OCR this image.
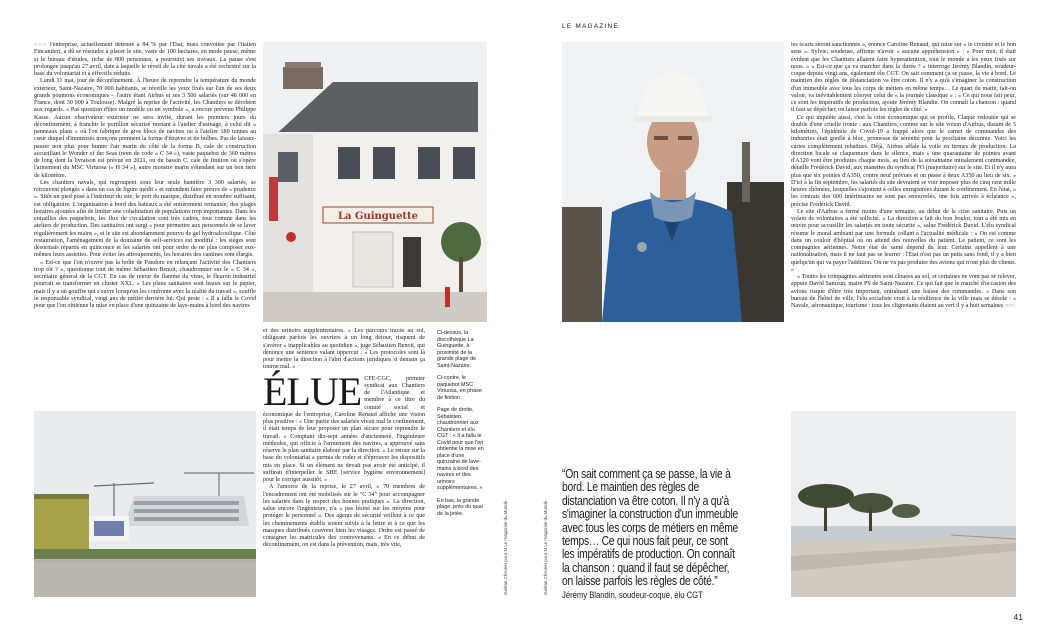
○○○ l'entreprise, actuellement détenue à 84 % par l'État, mais convoitée par l'italien Fincantieri, a dû se résoudre à placer le site, vaste de 100 hectares, en mode pause, même si le bureau d'études, riche de 800 personnes, a poursuivi ses travaux. La pause s'est prolongée jusqu'au 27 avril, date à laquelle le réveil de la cité navale a été orchestré sur la base du volontariat et à effectifs réduits.

Lundi 11 mai, jour de déconfinement. À l'heure de reprendre la température du monde extérieur, Saint-Nazaire, 70 000 habitants, se réveille les yeux fixés sur l'un de ses deux grands poumons économiques – l'autre étant Airbus et ses 3 500 salariés (sur 48 000 en France, dont 30 000 à Toulouse). Malgré la reprise de l'activité, les Chantiers se dérobent aux regards. « Pas question d'être un modèle ou un symbole », a encore prévenu Philippe Kasse. Aucun observateur extérieur ne sera invité, durant les premiers jours du déconfinement, à franchir le portillon sécurisé menant à l'atelier d'usinage, à celui dit « panneaux plans » où l'on fabrique de gros blocs de navires ou à l'atelier 180 tonnes au cœur duquel d'immenses tronçons prennent la forme d'étraves et de bulbes. Pas de laissez-passer non plus pour humer l'air marin du côté de la forme B, cale de construction accueillant le Wonder of the Seas (nom de code « C 34 »), vaste paquebot de 360 mètres de long dont la livraison est prévue en 2021, ou du bassin C, cale de finition où s'opère l'armement du MSC Virtuosa (« H 34 »), autre monstre marin s'étendant sur un bon tiers de kilomètre.

Les chantiers navals, qui regroupent sous leur seule bannière 3 300 salariés, se retrouvent plongés « dans un cas de figure inédit » et entendent faire preuve de « prudence ». Sitôt un pied posé à l'intérieur du site, le port du masque, distribué en nombre suffisant, est obligatoire. L'organisation à bord des bateaux a été entièrement remaniée, des plages horaires ajoutées afin de limiter une cohabitation de populations trop importantes. Dans les entrailles des paquebots, les flux de circulation sont très cadrés, tout comme dans les ateliers de production. Des sanitaires ont surgi « pour permettre aux personnels de se laver régulièrement les mains », et le site est abondamment pourvu de gel hydroalcoolique. Côté restauration, l'aménagement de la douzaine de self-services est modifié : les sièges sont désormais répartis en quinconce et les salariés ont pour ordre de ne plus composer eux-mêmes leurs assiettes. Pour éviter les attroupements, les horaires des cantines sont élargis.

« Est-ce que l'on n'ouvre pas la boîte de Pandore en relançant l'activité des Chantiers trop tôt ? », questionne tout de même Sébastien Benoit, chaudronnier sur le « C 34 », secrétaire général de la CGT. En cas de retour de flamme du virus, le fleuron industriel pourrait se transformer en cluster XXL. « Les plans sanitaires sont beaux sur le papier, mais il y a un gouffre qui s'ouvre lorsqu'on les confronte avec la réalité du travail », souffle le responsable syndical, vingt ans de métier derrière lui. Qui peste : « Il a fallu le Covid pour que l'on obtienne la mise en place d'une quinzaine de lave-mains à bord des navires

La Guinguette

et des urinoirs supplémentaires. » Les parcours tracés au sol, obligeant parfois les ouvriers à un long détour, risquent de s'avérer « inapplicables au quotidien », juge Sébastien Benoit, qui dénonce une sentence valant uppercut : « Les protocoles sont là pour mettre la direction à l'abri d'actions juridiques si demain ça tourne mal. »

ÉLUE CFE-CGC, premier syndicat aux Chantiers de l'Atlantique et membre à ce titre du comité social et économique de l'entreprise, Caroline Renaud affiche une vision plus positive : « Une partie des salariés vivait mal le confinement, il était temps de leur proposer un plan sécure pour reprendre le travail. » Comptant dix-sept années d'ancienneté, l'ingénieure méthodes, qui officie à l'armement des navires, a approuvé sans réserve le plan sanitaire élaboré par la direction. « Le retour sur la base du volontariat a permis de roder et d'éprouver les dispositifs mis en place. Si un élément ne devait pas avoir été anticipé, il suffirait d'interpeller le SHE [service hygiène environnement] pour le corriger aussitôt. »

À l'amorce de la reprise, le 27 avril, « 70 membres de l'encadrement ont été mobilisés sur le "C 34" pour accompagner les salariés dans le respect des bonnes pratiques ». La direction, salue encore l'ingénieure, n'a « pas lésiné sur les moyens pour protéger le personnel ». Des agents de sécurité veillent à ce que les cheminements établis soient suivis à la lettre et à ce que les masques distribués couvrent bien les visages. Ordre est passé de consigner les matricules des contrevenants. « En ce début de déconfinement, on est dans la prévention, mais, très vite,

Ci-dessus, la discothèque La Guinguette, à proximité de la grande plage de Saint-Nazaire.

Ci-contre, le paquebot MSC Virtuosa, en phase de finition.

Page de droite, Sébastien, chaudronnier aux Chantiers et élu CGT : « Il a fallu le Covid pour que l'on obtienne la mise en place d'une quinzaine de lave-mains à bord des navires et des urinoirs supplémentaires. »

En bas, la grande plage, près du quai de la jetée.	Gaétan Chevrier pour M Le magazine du Monde	Gaétan Chevrier pour M Le magazine du Monde
LE MAGAZINE

les écarts seront sanctionnés », énonce Caroline Renaud, qui mise sur « le civisme et le bon sens ». Sylvie, soudeuse, affirme n'avoir « aucune appréhension » : « Pour moi, il était évident que les Chantiers allaient faire hyperattention, tout le monde a les yeux fixés sur nous. » « Est-ce que ça va marcher dans la durée ? » interroge Jérémy Blandin, soudeur-coque depuis vingt ans, également élu CGT. On sait comment ça se passe, la vie à bord. Le maintien des règles de distanciation va être coton. Il n'y a qu'à s'imaginer la construction d'un immeuble avec tous les corps de métiers en même temps… Le quart du matin, fait-on valoir, va inévitablement côtoyer celui de « la journée classique » : « Ce qui nous fait peur, ce sont les impératifs de production, ajoute Jérémy Blandin. On connaît la chanson : quand il faut se dépêcher, on laisse parfois les règles de côté. »

Ce qui inquiète aussi, c'est la crise économique qui se profile. Claque redoutée qui se double d'une cruelle ironie : aux Chantiers, comme sur le site voisin d'Airbus, distant de 5 kilomètres, l'épidémie de Covid-19 a frappé alors que le carnet de commandes des industries était gonflé à bloc, promesse de sérénité pour la prochaine décennie. Voici les cartes complètement rebattues. Déjà, Airbus affale la voile en termes de production. La direction locale se claquemure dans le silence, mais « une quarantaine de pointes avant d'A320 vont être produites chaque mois, au lieu de la soixantaine initialement commandée, détaille Frédérick David, aux manettes du syndicat FO (majoritaire) sur le site. Et il n'y aura plus que six pointes d'A350, contre neuf prévues et on passe à deux A350 au lieu de six. » D'ici à la fin septembre, les salariés du site devraient se voir imposer plus de cinq cent mille heures chômées, lesquelles s'ajoutent à celles enregistrées durant le confinement. En l'état, « les contrats des 600 intérimaires ne sont pas renouvelés, une fois arrivés à échéance », précise Frédérick David.

Le site d'Airbus a fermé moins d'une semaine, au début de la crise sanitaire. Puis un volant de volontaires a été sollicité. « La direction a fait du bon boulot, tout a été mis en œuvre pour accueillir les salariés en toute sécurité », salue Frédérick David. L'élu syndical résume le moral ambiant par une formule collant à l'actualité médicale : « On est comme dans un couloir d'hôpital où on attend des nouvelles du patient. Le patient, ce sont les compagnies aériennes. Notre état de santé dépend du leur. Certains appellent à une nationalisation, mais il ne faut pas se leurrer : l'État n'est pas un puits sans fond, il y a bien quelqu'un qui va payer l'addition. On ne va pas produire des avions qui n'ont plus de clients. »

« Toutes les compagnies aériennes sont clouées au sol, et certaines ne vont pas se relever, appuie David Samzun, maire PS de Saint-Nazaire. Ce qui fait que le marché d'occasion des avions risque d'être très important, entraînant une baisse des commandes. » Dans son bureau de l'hôtel de ville, l'élu socialiste croit à la résilience de la ville mais se désole : « Navale, aéronautique, tourisme : tous les clignotants étaient au vert il y a huit semaines ○○○

“On sait comment ça se passe, la vie à bord. Le maintien des règles de distanciation va être coton. Il n'y a qu'à s'imaginer la construction d'un immeuble avec tous les corps de métiers en même temps… Ce qui nous fait peur, ce sont les impératifs de production. On connaît la chanson : quand il faut se dépêcher, on laisse parfois les règles de côté.”
Jérémy Blandin, soudeur-coque, élu CGT
41
